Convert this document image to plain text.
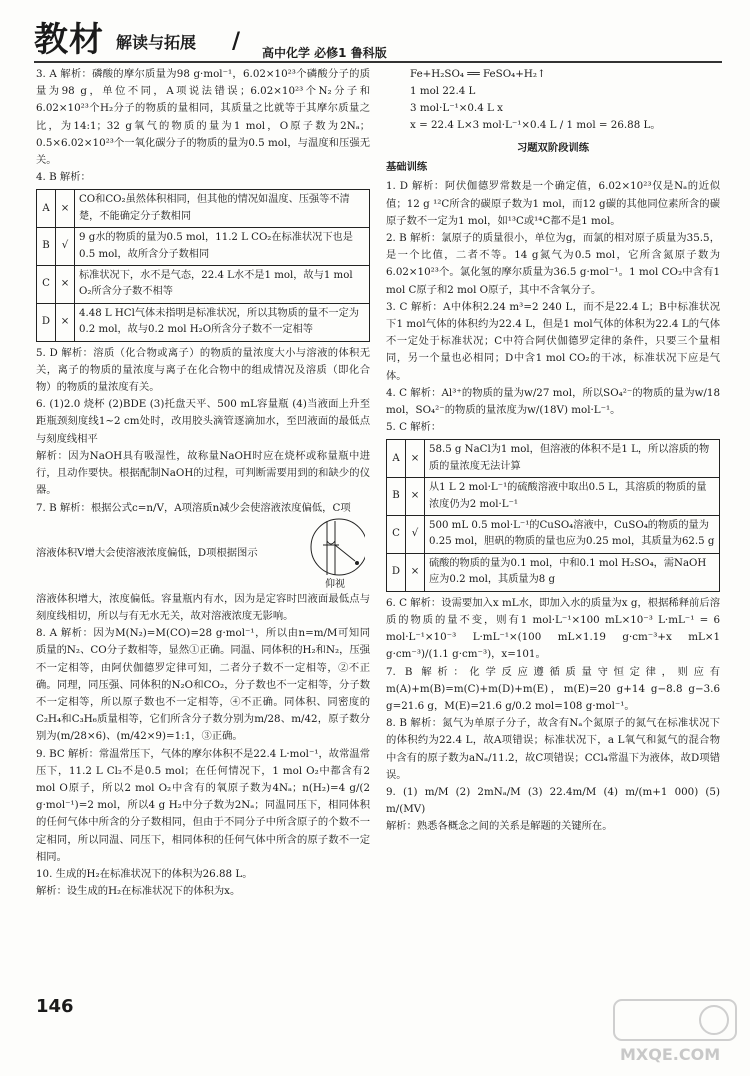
教材 解读与拓展 / 高中化学 必修1 鲁科版

3. A 解析：磷酸的摩尔质量为98 g·mol⁻¹，6.02×10²³个磷酸分子的质量为98 g，单位不同，A项说法错误；6.02×10²³个N₂分子和6.02×10²³个H₂分子的物质的量相同，其质量之比就等于其摩尔质量之比，为14:1；32 g氧气的物质的量为1 mol，O原子数为2Nₐ；0.5×6.02×10²³个一氧化碳分子的物质的量为0.5 mol，与温度和压强无关。

4. B 解析：

A	×	CO和CO₂虽然体积相同，但其他的情况如温度、压强等不清楚，不能确定分子数相同
B	√	9 g水的物质的量为0.5 mol，11.2 L CO₂在标准状况下也是0.5 mol，故所含分子数相同
C	×	标准状况下，水不是气态，22.4 L水不是1 mol，故与1 mol O₂所含分子数不相等
D	×	4.48 L HCl气体未指明是标准状况，所以其物质的量不一定为0.2 mol，故与0.2 mol H₂O所含分子数不一定相等

5. D 解析：溶质（化合物或离子）的物质的量浓度大小与溶液的体积无关，离子的物质的量浓度与离子在化合物中的组成情况及溶质（即化合物）的物质的量浓度有关。

6. (1)2.0 烧杯 (2)BDE (3)托盘天平、500 mL容量瓶 (4)当液面上升至距瓶颈刻度线1~2 cm处时，改用胶头滴管逐滴加水，至凹液面的最低点与刻度线相平

解析：因为NaOH具有吸湿性，故称量NaOH时应在烧杯或称量瓶中进行，且动作要快。根据配制NaOH的过程，可判断需要用到的和缺少的仪器。

7. B 解析：根据公式c=n/V，A项溶质n减少会使溶液浓度偏低，C项

溶液体积V增大会使溶液浓度偏低，D项根据图示

仰视

溶液体积增大，浓度偏低。容量瓶内有水，因为是定容时凹液面最低点与刻度线相切，所以与有无水无关，故对溶液浓度无影响。

8. A 解析：因为M(N₂)=M(CO)=28 g·mol⁻¹，所以由n=m/M可知同质量的N₂、CO分子数相等，显然①正确。同温、同体积的H₂和N₂，压强不一定相等，由阿伏伽德罗定律可知，二者分子数不一定相等，②不正确。同理，同压强、同体积的N₂O和CO₂，分子数也不一定相等，分子数不一定相等，所以原子数也不一定相等，④不正确。同体积、同密度的C₂H₄和C₃H₆质量相等，它们所含分子数分别为m/28、m/42，原子数分别为(m/28×6)、(m/42×9)=1:1，③正确。

9. BC 解析：常温常压下，气体的摩尔体积不是22.4 L·mol⁻¹，故常温常压下，11.2 L Cl₂不是0.5 mol；在任何情况下，1 mol O₂中都含有2 mol O原子，所以2 mol O₂中含有的氧原子数为4Nₐ；n(H₂)=4 g/(2 g·mol⁻¹)=2 mol，所以4 g H₂中分子数为2Nₐ；同温同压下，相同体积的任何气体中所含的分子数相同，但由于不同分子中所含原子的个数不一定相同，所以同温、同压下，相同体积的任何气体中所含的原子数不一定相同。

10. 生成的H₂在标准状况下的体积为26.88 L。

解析：设生成的H₂在标准状况下的体积为x。

Fe+H₂SO₄ ══ FeSO₄+H₂↑

1 mol 22.4 L

3 mol·L⁻¹×0.4 L x

x = 22.4 L×3 mol·L⁻¹×0.4 L / 1 mol = 26.88 L。

习题双阶段训练
基础训练

1. D 解析：阿伏伽德罗常数是一个确定值，6.02×10²³仅是Nₐ的近似值；12 g ¹²C所含的碳原子数为1 mol，而12 g碳的其他同位素所含的碳原子数不一定为1 mol，如¹³C或¹⁴C都不是1 mol。

2. B 解析：氯原子的质量很小，单位为g，而氯的相对原子质量为35.5，是一个比值，二者不等。14 g氮气为0.5 mol，它所含氮原子数为6.02×10²³个。氯化氢的摩尔质量为36.5 g·mol⁻¹。1 mol CO₂中含有1 mol C原子和2 mol O原子，其中不含氧分子。

3. C 解析：A中体积2.24 m³=2 240 L，而不是22.4 L；B中标准状况下1 mol气体的体积约为22.4 L，但是1 mol气体的体积为22.4 L的气体不一定处于标准状况；C中符合阿伏伽德罗定律的条件，只要三个量相同，另一个量也必相同；D中含1 mol CO₂的干冰，标准状况下应是气体。

4. C 解析：Al³⁺的物质的量为w/27 mol，所以SO₄²⁻的物质的量为w/18 mol，SO₄²⁻的物质的量浓度为w/(18V) mol·L⁻¹。

5. C 解析：

A	×	58.5 g NaCl为1 mol，但溶液的体积不是1 L，所以溶质的物质的量浓度无法计算
B	×	从1 L 2 mol·L⁻¹的硫酸溶液中取出0.5 L，其溶质的物质的量浓度仍为2 mol·L⁻¹
C	√	500 mL 0.5 mol·L⁻¹的CuSO₄溶液中，CuSO₄的物质的量为0.25 mol，胆矾的物质的量也应为0.25 mol，其质量为62.5 g
D	×	硫酸的物质的量为0.1 mol，中和0.1 mol H₂SO₄，需NaOH应为0.2 mol，其质量为8 g

6. C 解析：设需要加入x mL水，即加入水的质量为x g，根据稀释前后溶质的物质的量不变，则有1 mol·L⁻¹×100 mL×10⁻³ L·mL⁻¹ = 6 mol·L⁻¹×10⁻³ L·mL⁻¹×(100 mL×1.19 g·cm⁻³+x mL×1 g·cm⁻³)/(1.1 g·cm⁻³)，x=101。

7. B 解析：化学反应遵循质量守恒定律，则应有m(A)+m(B)=m(C)+m(D)+m(E)，m(E)=20 g+14 g−8.8 g−3.6 g=21.6 g，M(E)=21.6 g/0.2 mol=108 g·mol⁻¹。

8. B 解析：氮气为单原子分子，故含有Nₐ个氮原子的氮气在标准状况下的体积约为22.4 L，故A项错误；标准状况下，a L氧气和氮气的混合物中含有的原子数为aNₐ/11.2，故C项错误；CCl₄常温下为液体，故D项错误。

9. (1) m/M (2) 2mNₐ/M (3) 22.4m/M (4) m/(m+1 000) (5) m/(MV)

解析：熟悉各概念之间的关系是解题的关键所在。

146
MXQE.COM
